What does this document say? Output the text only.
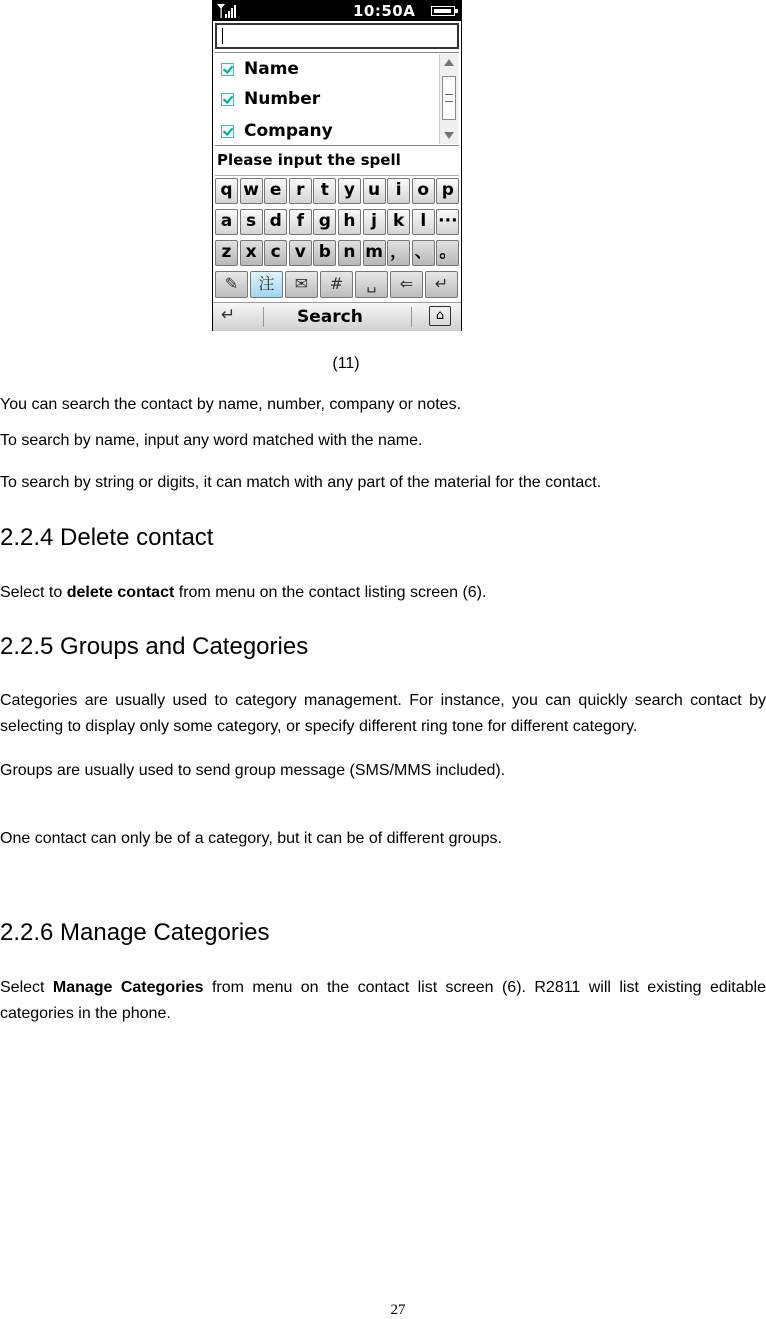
10:50A
Name
Number
Company
Please input the spell
q w e r t y u i o p
a s d f g h j k l ···
z x c v b n m ， 、 。
✎	注	✉	#	␣	⇐	↵
↵	Search	⌂
(11)
You can search the contact by name, number, company or notes.
To search by name, input any word matched with the name.
To search by string or digits, it can match with any part of the material for the contact.
2.2.4 Delete contact
Select to delete contact from menu on the contact listing screen (6).
2.2.5 Groups and Categories
Categories are usually used to category management. For instance, you can quickly search contact by selecting to display only some category, or specify different ring tone for different category.
Groups are usually used to send group message (SMS/MMS included).
One contact can only be of a category, but it can be of different groups.
2.2.6 Manage Categories
Select Manage Categories from menu on the contact list screen (6). R2811 will list existing editable categories in the phone.
27
